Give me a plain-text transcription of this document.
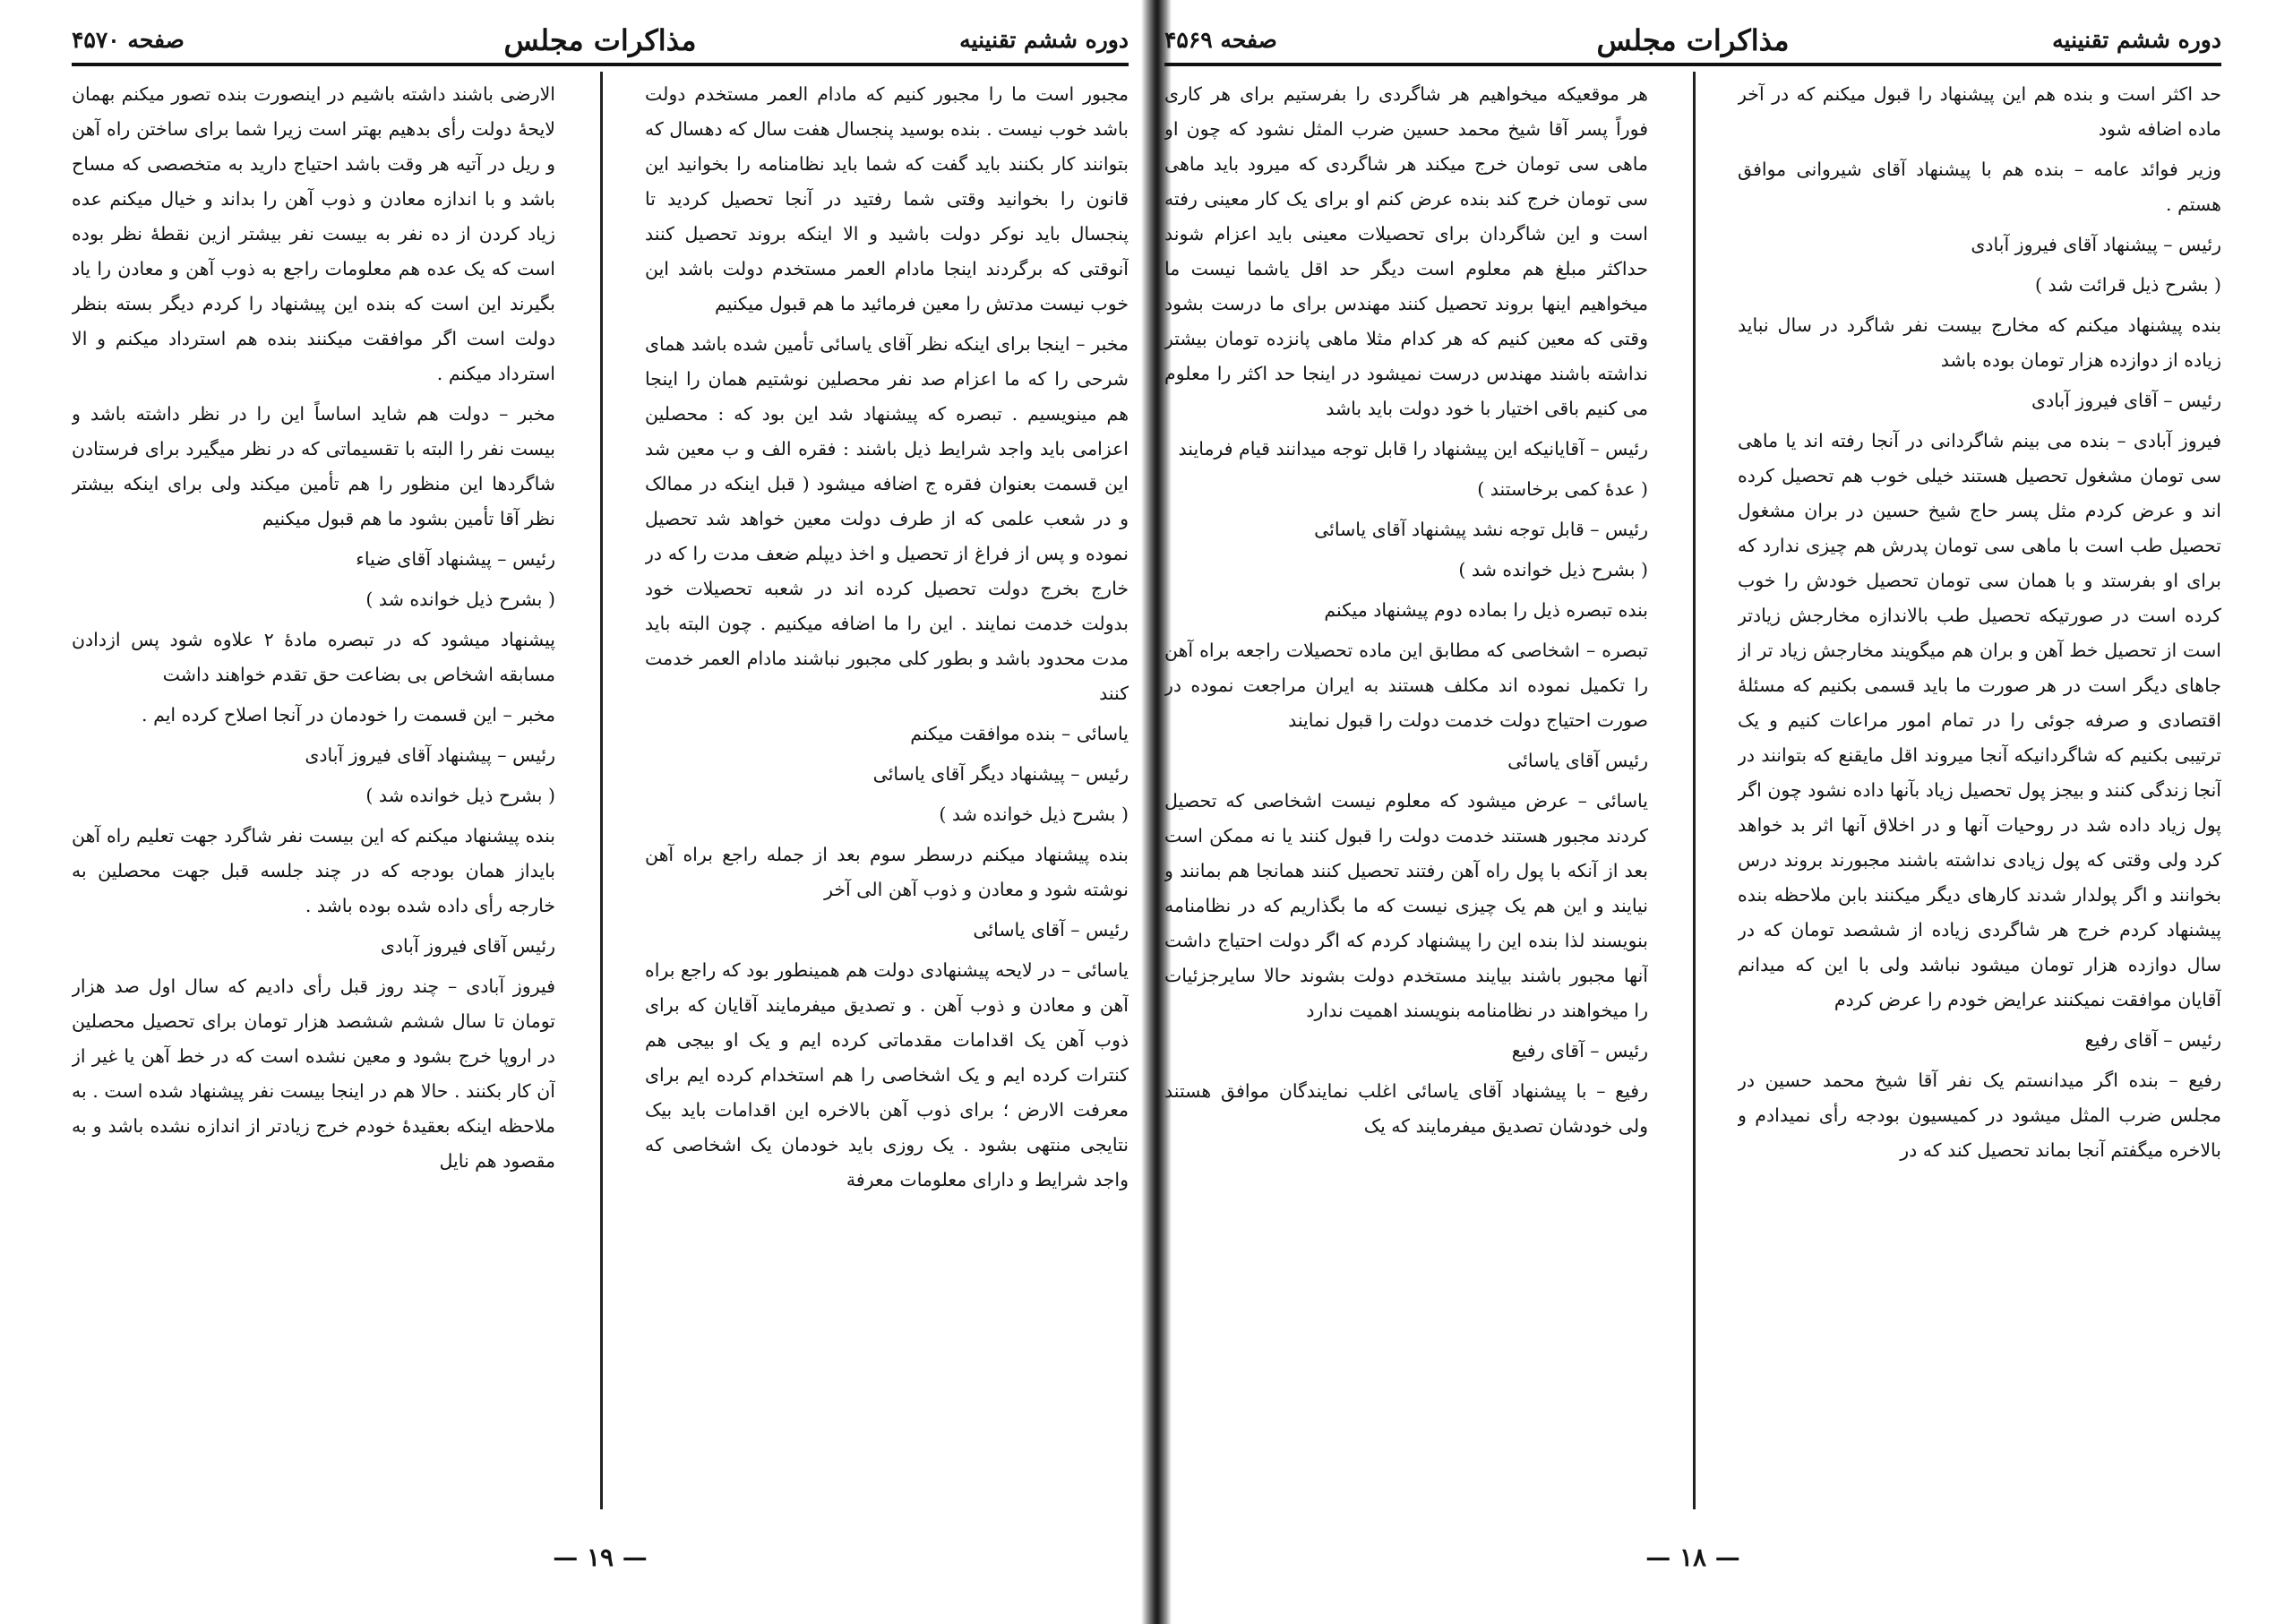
دوره ششم تقنینیه
مذاکرات مجلس
صفحه ۴۵۷۰

مجبور است ما را مجبور کنیم که مادام العمر مستخدم دولت باشد خوب نیست . بنده بوسید پنجسال هفت سال که دهسال که بتوانند کار بکنند باید گفت که شما باید نظامنامه را بخوانید این قانون را بخوانید وقتی شما رفتید در آنجا تحصیل کردید تا پنجسال باید نوکر دولت باشید و الا اینکه بروند تحصیل کنند آنوقتی که برگردند اینجا مادام العمر مستخدم دولت باشد این خوب نیست مدتش را معین فرمائید ما هم قبول میکنیم

مخبر – اینجا برای اینکه نظر آقای یاسائی تأمین شده باشد همای شرحی را که ما اعزام صد نفر محصلین نوشتیم همان را اینجا هم مینویسیم . تبصره که پیشنهاد شد این بود که : محصلین اعزامی باید واجد شرایط ذیل باشند : فقره الف و ب معین شد این قسمت بعنوان فقره ج اضافه میشود ( قبل اینکه در ممالک و در شعب علمی که از طرف دولت معین خواهد شد تحصیل نموده و پس از فراغ از تحصیل و اخذ دیپلم ضعف مدت را که در خارج بخرج دولت تحصیل کرده اند در شعبه تحصیلات خود بدولت خدمت نمایند . این را ما اضافه میکنیم . چون البته باید مدت محدود باشد و بطور کلی مجبور نباشند مادام العمر خدمت کنند

یاسائی – بنده موافقت میکنم

رئیس – پیشنهاد دیگر آقای یاسائی

( بشرح ذیل خوانده شد )

بنده پیشنهاد میکنم درسطر سوم بعد از جمله راجع براه آهن نوشته شود و معادن و ذوب آهن الی آخر

رئیس – آقای یاسائی

یاسائی – در لایحه پیشنهادی دولت هم همینطور بود که راجع براه آهن و معادن و ذوب آهن . و تصدیق میفرمایند آقایان که برای ذوب آهن یک اقدامات مقدماتی کرده ایم و یک او بیجی هم کنترات کرده ایم و یک اشخاصی را هم استخدام کرده ایم برای معرفت الارض ؛ برای ذوب آهن بالاخره این اقدامات باید بیک نتایجی منتهی بشود . یک روزی باید خودمان یک اشخاصی که واجد شرایط و دارای معلومات معرفة

الارضی باشند داشته باشیم در اینصورت بنده تصور میکنم بهمان لایحهٔ دولت رأی بدهیم بهتر است زیرا شما برای ساختن راه آهن و ریل در آتیه هر وقت باشد احتیاج دارید به متخصصی که مساح باشد و با اندازه معادن و ذوب آهن را بداند و خیال میکنم عده زیاد کردن از ده نفر به بیست نفر بیشتر ازین نقطهٔ نظر بوده است که یک عده هم معلومات راجع به ذوب آهن و معادن را یاد بگیرند این است که بنده این پیشنهاد را کردم دیگر بسته بنظر دولت است اگر موافقت میکنند بنده هم استرداد میکنم و الا استرداد میکنم .

مخبر – دولت هم شاید اساساً این را در نظر داشته باشد و بیست نفر را البته با تقسیماتی که در نظر میگیرد برای فرستادن شاگردها این منظور را هم تأمین میکند ولی برای اینکه بیشتر نظر آقا تأمین بشود ما هم قبول میکنیم

رئیس – پیشنهاد آقای ضیاء

( بشرح ذیل خوانده شد )

پیشنهاد میشود که در تبصره مادهٔ ۲ علاوه شود پس ازدادن مسابقه اشخاص بی بضاعت حق تقدم خواهند داشت

مخبر – این قسمت را خودمان در آنجا اصلاح کرده ایم .

رئیس – پیشنهاد آقای فیروز آبادی

( بشرح ذیل خوانده شد )

بنده پیشنهاد میکنم که این بیست نفر شاگرد جهت تعلیم راه آهن بایداز همان بودجه که در چند جلسه قبل جهت محصلین به خارجه رأی داده شده بوده باشد .

رئیس آقای فیروز آبادی

فیروز آبادی – چند روز قبل رأی دادیم که سال اول صد هزار تومان تا سال ششم ششصد هزار تومان برای تحصیل محصلین در اروپا خرج بشود و معین نشده است که در خط آهن یا غیر از آن کار بکنند . حالا هم در اینجا بیست نفر پیشنهاد شده است . به ملاحظه اینکه بعقیدهٔ خودم خرج زیادتر از اندازه نشده باشد و به مقصود هم نایل

— ۱۹ —
دوره ششم تقنینیه
مذاکرات مجلس
صفحه ۴۵۶۹

حد اکثر است و بنده هم این پیشنهاد را قبول میکنم که در آخر ماده اضافه شود

وزیر فوائد عامه – بنده هم با پیشنهاد آقای شیروانی موافق هستم .

رئیس – پیشنهاد آقای فیروز آبادی

( بشرح ذیل قرائت شد )

بنده پیشنهاد میکنم که مخارج بیست نفر شاگرد در سال نباید زیاده از دوازده هزار تومان بوده باشد

رئیس – آقای فیروز آبادی

فیروز آبادی – بنده می بینم شاگردانی در آنجا رفته اند یا ماهی سی تومان مشغول تحصیل هستند خیلی خوب هم تحصیل کرده اند و عرض کردم مثل پسر حاج شیخ حسین در بران مشغول تحصیل طب است با ماهی سی تومان پدرش هم چیزی ندارد که برای او بفرستد و با همان سی تومان تحصیل خودش را خوب کرده است در صورتیکه تحصیل طب بالاندازه مخارجش زیادتر است از تحصیل خط آهن و بران هم میگویند مخارجش زیاد تر از جاهای دیگر است در هر صورت ما باید قسمی بکنیم که مسئلهٔ اقتصادی و صرفه جوئی را در تمام امور مراعات کنیم و یک ترتیبی بکنیم که شاگردانیکه آنجا میروند اقل مایقنع که بتوانند در آنجا زندگی کنند و بیجز پول تحصیل زیاد بآنها داده نشود چون اگر پول زیاد داده شد در روحیات آنها و در اخلاق آنها اثر بد خواهد کرد ولی وقتی که پول زیادی نداشته باشند مجبورند بروند درس بخوانند و اگر پولدار شدند کارهای دیگر میکنند بابن ملاحظه بنده پیشنهاد کردم خرج هر شاگردی زیاده از ششصد تومان که در سال دوازده هزار تومان میشود نباشد ولی با این که میدانم آقایان موافقت نمیکنند عرایض خودم را عرض کردم

رئیس – آقای رفیع

رفیع – بنده اگر میدانستم یک نفر آقا شیخ محمد حسین در مجلس ضرب المثل میشود در کمیسیون بودجه رأی نمیدادم و بالاخره میگفتم آنجا بماند تحصیل کند که در

هر موقعیکه میخواهیم هر شاگردی را بفرستیم برای هر کاری فوراً پسر آقا شیخ محمد حسین ضرب المثل نشود که چون او ماهی سی تومان خرج میکند هر شاگردی که میرود باید ماهی سی تومان خرج کند بنده عرض کنم او برای یک کار معینی رفته است و این شاگردان برای تحصیلات معینی باید اعزام شوند حداکثر مبلغ هم معلوم است دیگر حد اقل یاشما نیست ما میخواهیم اینها بروند تحصیل کنند مهندس برای ما درست بشود وقتی که معین کنیم که هر کدام مثلا ماهی پانزده تومان بیشتر نداشته باشند مهندس درست نمیشود در اینجا حد اکثر را معلوم می کنیم باقی اختیار با خود دولت باید باشد

رئیس – آقایانیکه این پیشنهاد را قابل توجه میدانند قیام فرمایند

( عدهٔ کمی برخاستند )

رئیس – قابل توجه نشد پیشنهاد آقای یاسائی

( بشرح ذیل خوانده شد )

بنده تبصره ذیل را بماده دوم پیشنهاد میکنم

تبصره – اشخاصی که مطابق این ماده تحصیلات راجعه براه آهن را تکمیل نموده اند مکلف هستند به ایران مراجعت نموده در صورت احتیاج دولت خدمت دولت را قبول نمایند

رئیس آقای یاسائی

یاسائی – عرض میشود که معلوم نیست اشخاصی که تحصیل کردند مجبور هستند خدمت دولت را قبول کنند یا نه ممکن است بعد از آنکه با پول راه آهن رفتند تحصیل کنند همانجا هم بمانند و نیایند و این هم یک چیزی نیست که ما بگذاریم که در نظامنامه بنویسند لذا بنده این را پیشنهاد کردم که اگر دولت احتیاج داشت آنها مجبور باشند بیایند مستخدم دولت بشوند حالا سایرجزئیات را میخواهند در نظامنامه بنویسند اهمیت ندارد

رئیس – آقای رفیع

رفیع – با پیشنهاد آقای یاسائی اغلب نمایندگان موافق هستند ولی خودشان تصدیق میفرمایند که یک

— ۱۸ —
